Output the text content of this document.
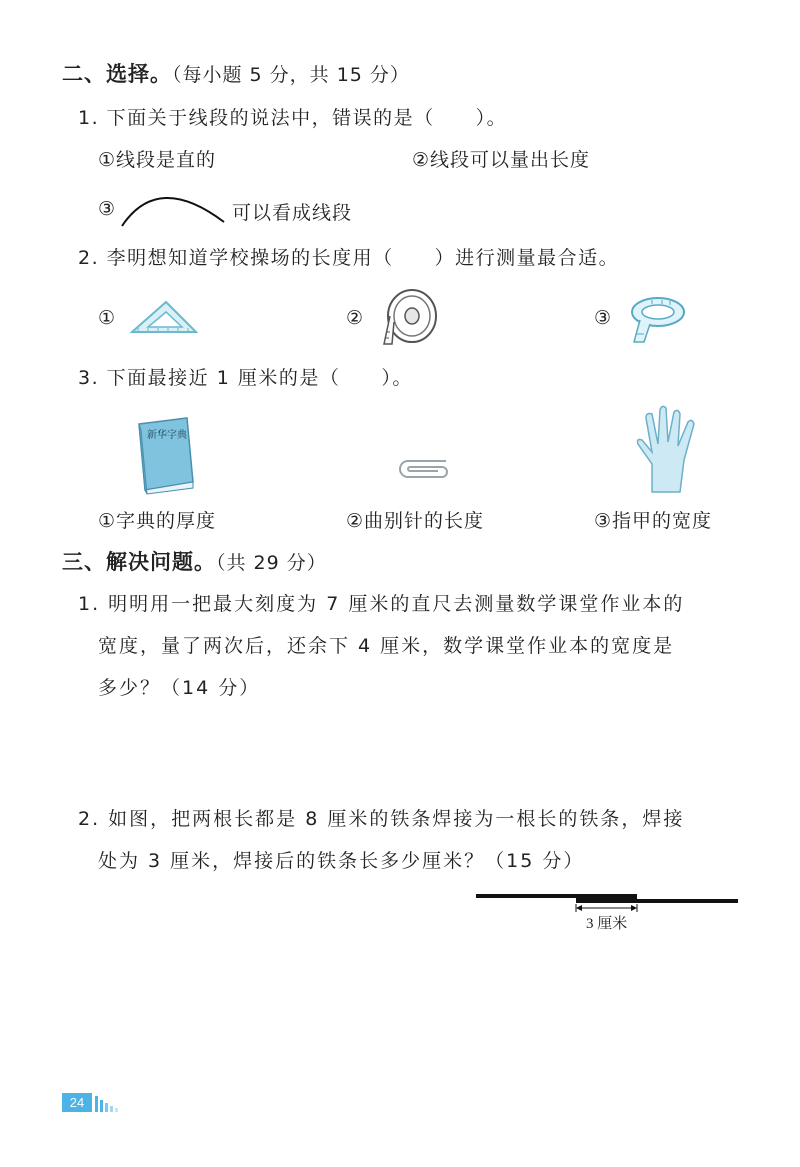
二、选择。（每小题 5 分，共 15 分）
1. 下面关于线段的说法中，错误的是（　　）。
①线段是直的	②线段可以量出长度
③	可以看成线段
2. 李明想知道学校操场的长度用（　　）进行测量最合适。
①	②	③
3. 下面最接近 1 厘米的是（　　）。
新华字典
①字典的厚度	②曲别针的长度	③指甲的宽度
三、解决问题。（共 29 分）
1. 明明用一把最大刻度为 7 厘米的直尺去测量数学课堂作业本的
宽度，量了两次后，还余下 4 厘米，数学课堂作业本的宽度是
多少？（14 分）
2. 如图，把两根长都是 8 厘米的铁条焊接为一根长的铁条，焊接
处为 3 厘米，焊接后的铁条长多少厘米？（15 分）
3 厘米
24
